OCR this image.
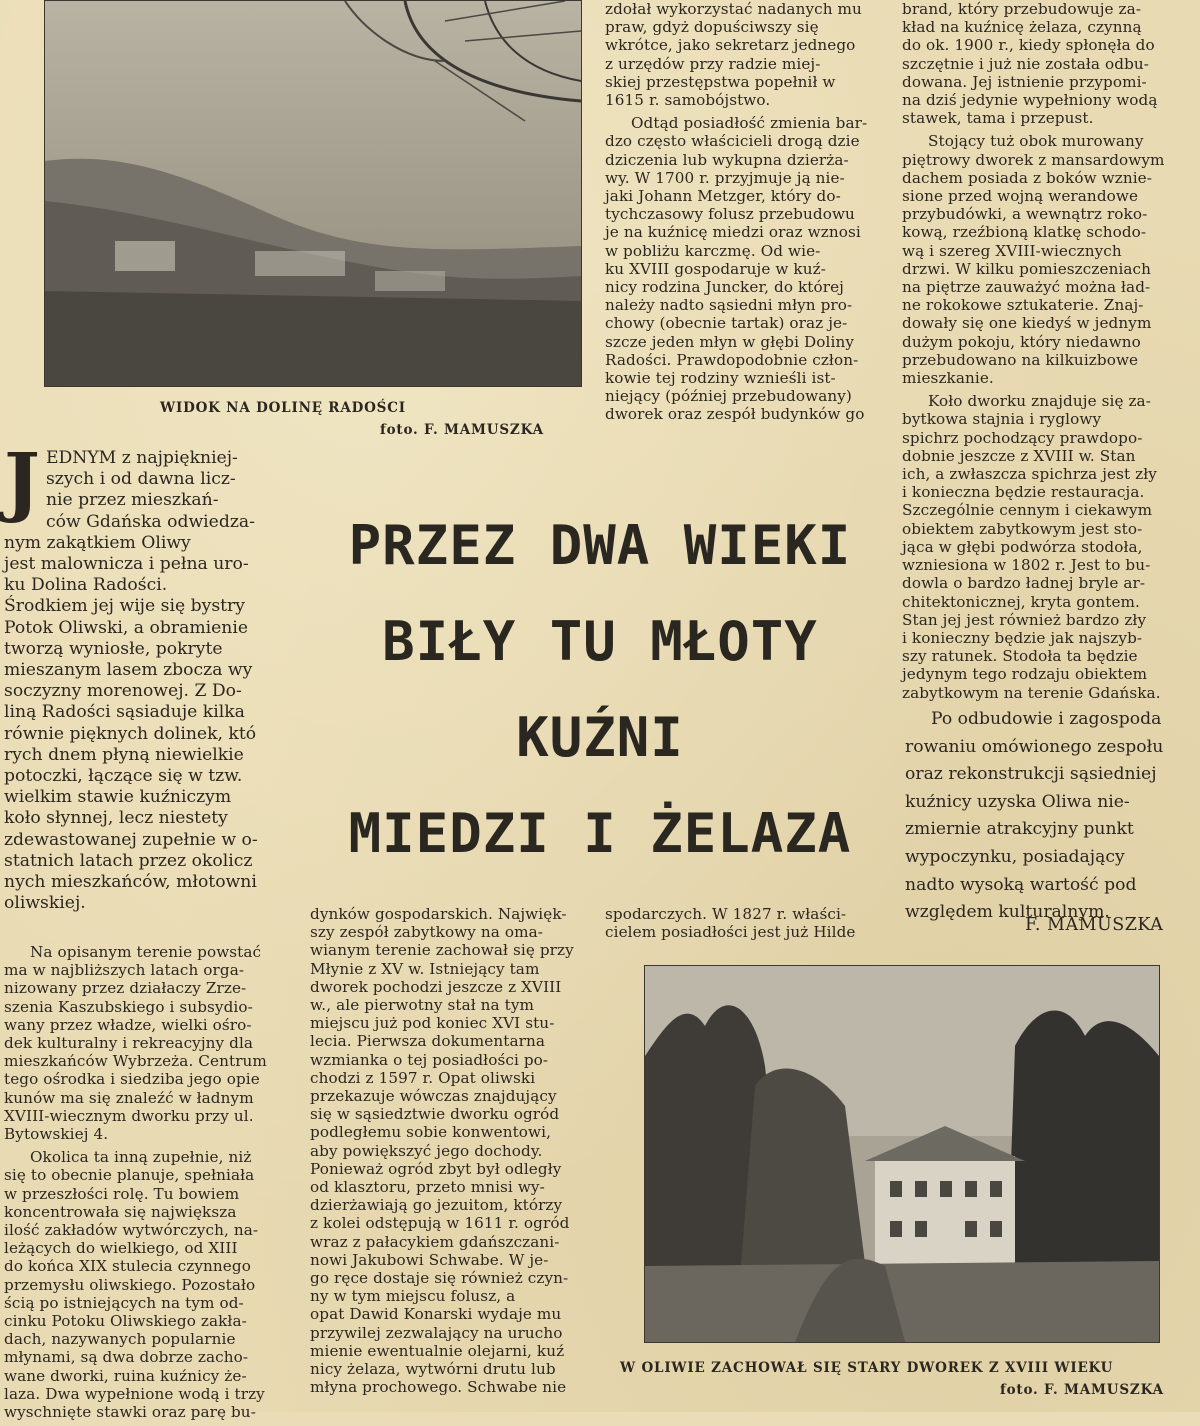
WIDOK NA DOLINĘ RADOŚCI
foto. F. MAMUSZKA
J EDNYM z najpiękniej-
szych i od dawna licz-
nie przez mieszkań-
ców Gdańska odwiedza-
nym zakątkiem Oliwy
jest malownicza i pełna uro-
ku Dolina Radości.
Środkiem jej wije się bystry
Potok Oliwski, a obramienie
tworzą wyniosłe, pokryte
mieszanym lasem zbocza wy
soczyzny morenowej. Z Do-
liną Radości sąsiaduje kilka
równie pięknych dolinek, któ
rych dnem płyną niewielkie
potoczki, łączące się w tzw.
wielkim stawie kuźniczym
koło słynnej, lecz niestety
zdewastowanej zupełnie w o-
statnich latach przez okolicz
nych mieszkańców, młotowni
oliwskiej.

Na opisanym terenie powstać
ma w najbliższych latach orga-
nizowany przez działaczy Zrze-
szenia Kaszubskiego i subsydio-
wany przez władze, wielki ośro-
dek kulturalny i rekreacyjny dla
mieszkańców Wybrzeża. Centrum
tego ośrodka i siedziba jego opie
kunów ma się znaleźć w ładnym
XVIII-wiecznym dworku przy ul.
Bytowskiej 4.

Okolica ta inną zupełnie, niż
się to obecnie planuje, spełniała
w przeszłości rolę. Tu bowiem
koncentrowała się największa
ilość zakładów wytwórczych, na-
leżących do wielkiego, od XIII
do końca XIX stulecia czynnego
przemysłu oliwskiego. Pozostało
ścią po istniejących na tym od-
cinku Potoku Oliwskiego zakła-
dach, nazywanych popularnie
młynami, są dwa dobrze zacho-
wane dworki, ruina kuźnicy że-
laza. Dwa wypełnione wodą i trzy
wyschnięte stawki oraz parę bu-

PRZEZ DWA WIEKI
BIŁY TU MŁOTY
KUŹNI
MIEDZI I ŻELAZA

dynków gospodarskich. Najwięk-
szy zespół zabytkowy na oma-
wianym terenie zachował się przy
Młynie z XV w. Istniejący tam
dworek pochodzi jeszcze z XVIII
w., ale pierwotny stał na tym
miejscu już pod koniec XVI stu-
lecia. Pierwsza dokumentarna
wzmianka o tej posiadłości po-
chodzi z 1597 r. Opat oliwski
przekazuje wówczas znajdujący
się w sąsiedztwie dworku ogród
podległemu sobie konwentowi,
aby powiększyć jego dochody.
Ponieważ ogród zbyt był odległy
od klasztoru, przeto mnisi wy-
dzierżawiają go jezuitom, którzy
z kolei odstępują w 1611 r. ogród
wraz z pałacykiem gdańszczani-
nowi Jakubowi Schwabe. W je-
go ręce dostaje się również czyn-
ny w tym miejscu folusz, a
opat Dawid Konarski wydaje mu
przywilej zezwalający na urucho
mienie ewentualnie olejarni, kuź
nicy żelaza, wytwórni drutu lub
młyna prochowego. Schwabe nie

zdołał wykorzystać nadanych mu
praw, gdyż dopuściwszy się
wkrótce, jako sekretarz jednego
z urzędów przy radzie miej-
skiej przestępstwa popełnił w
1615 r. samobójstwo.

Odtąd posiadłość zmienia bar-
dzo często właścicieli drogą dzie
dziczenia lub wykupna dzierża-
wy. W 1700 r. przyjmuje ją nie-
jaki Johann Metzger, który do-
tychczasowy folusz przebudowu
je na kuźnicę miedzi oraz wznosi
w pobliżu karczmę. Od wie-
ku XVIII gospodaruje w kuź-
nicy rodzina Juncker, do której
należy nadto sąsiedni młyn pro-
chowy (obecnie tartak) oraz je-
szcze jeden młyn w głębi Doliny
Radości. Prawdopodobnie człon-
kowie tej rodziny wznieśli ist-
niejący (później przebudowany)
dworek oraz zespół budynków go

spodarczych. W 1827 r. właści-
cielem posiadłości jest już Hilde

brand, który przebudowuje za-
kład na kuźnicę żelaza, czynną
do ok. 1900 r., kiedy spłonęła do
szczętnie i już nie została odbu-
dowana. Jej istnienie przypomi-
na dziś jedynie wypełniony wodą
stawek, tama i przepust.

Stojący tuż obok murowany
piętrowy dworek z mansardowym
dachem posiada z boków wznie-
sione przed wojną werandowe
przybudówki, a wewnątrz roko-
kową, rzeźbioną klatkę schodo-
wą i szereg XVIII-wiecznych
drzwi. W kilku pomieszczeniach
na piętrze zauważyć można ład-
ne rokokowe sztukaterie. Znaj-
dowały się one kiedyś w jednym
dużym pokoju, który niedawno
przebudowano na kilkuizbowe
mieszkanie.

Koło dworku znajduje się za-
bytkowa stajnia i ryglowy
spichrz pochodzący prawdopo-
dobnie jeszcze z XVIII w. Stan
ich, a zwłaszcza spichrza jest zły
i konieczna będzie restauracja.
Szczególnie cennym i ciekawym
obiektem zabytkowym jest sto-
jąca w głębi podwórza stodoła,
wzniesiona w 1802 r. Jest to bu-
dowla o bardzo ładnej bryle ar-
chitektonicznej, kryta gontem.
Stan jej jest również bardzo zły
i konieczny będzie jak najszyb-
szy ratunek. Stodoła ta będzie
jedynym tego rodzaju obiektem
zabytkowym na terenie Gdańska.

Po odbudowie i zagospoda
rowaniu omówionego zespołu
oraz rekonstrukcji sąsiedniej
kuźnicy uzyska Oliwa nie-
zmiernie atrakcyjny punkt
wypoczynku, posiadający
nadto wysoką wartość pod
względem kulturalnym.

F. MAMUSZKA
W OLIWIE ZACHOWAŁ SIĘ STARY DWOREK Z XVIII WIEKU
foto. F. MAMUSZKA
